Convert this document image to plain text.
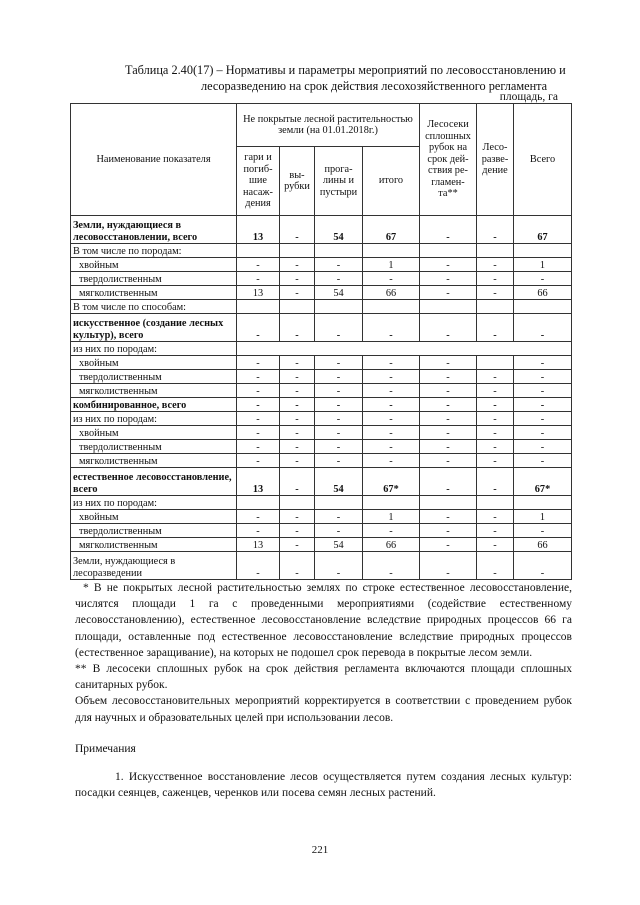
Таблица 2.40(17) – Нормативы и параметры мероприятий по лесовосстановлению и
лесоразведению на срок действия лесохозяйственного регламента
площадь, га
Наименование показателя	Не покрытые лесной растительностью земли (на 01.01.2018г.)				Лесосеки сплошных рубок на срок дей-ствия ре-гламен-та**	Лесо-разве-дение	Всего
	гари и погиб-шие насаж-дения	вы-рубки	прога-лины и пустыри	итого			
Земли, нуждающиеся в лесовосстановлении, всего	13	-	54	67	-	-	67
В том числе по породам:							
хвойным	-	-	-	1	-	-	1
твердолиственным	-	-	-	-	-	-	-
мягколиственным	13	-	54	66	-	-	66
В том числе по способам:							
искусственное (создание лесных культур), всего	-	-	-	-	-	-	-
из них по породам:							
хвойным	-	-	-	-	-		-
твердолиственным	-	-	-	-	-	-	-
мягколиственным	-	-	-	-	-	-	-
комбинированное, всего	-	-	-	-	-	-	-
из них по породам:	-	-	-	-	-	-	-
хвойным	-	-	-	-	-	-	-
твердолиственным	-	-	-	-	-	-	-
мягколиственным	-	-	-	-	-	-	-
естественное лесовосстановление, всего	13	-	54	67*	-	-	67*
из них по породам:							
хвойным	-	-	-	1	-	-	1
твердолиственным	-	-	-	-	-	-	-
мягколиственным	13	-	54	66	-	-	66
Земли, нуждающиеся в лесоразведении	-	-	-	-	-	-	-

* В не покрытых лесной растительностью землях по строке естественное лесовосстановление, числятся площади 1 га с проведенными мероприятиями (содействие естественному лесовосстановлению), естественное лесовосстановление вследствие природных процессов 66 га площади, оставленные под естественное лесовосстановление вследствие природных процессов (естественное заращивание), на которых не подошел срок перевода в покрытые лесом земли.

** В лесосеки сплошных рубок на срок действия регламента включаются площади сплошных санитарных рубок.

Объем лесовосстановительных мероприятий корректируется в соответствии с проведением рубок для научных и образовательных целей при использовании лесов.

Примечания

1. Искусственное восстановление лесов осуществляется путем создания лесных культур: посадки сеянцев, саженцев, черенков или посева семян лесных растений.

221
